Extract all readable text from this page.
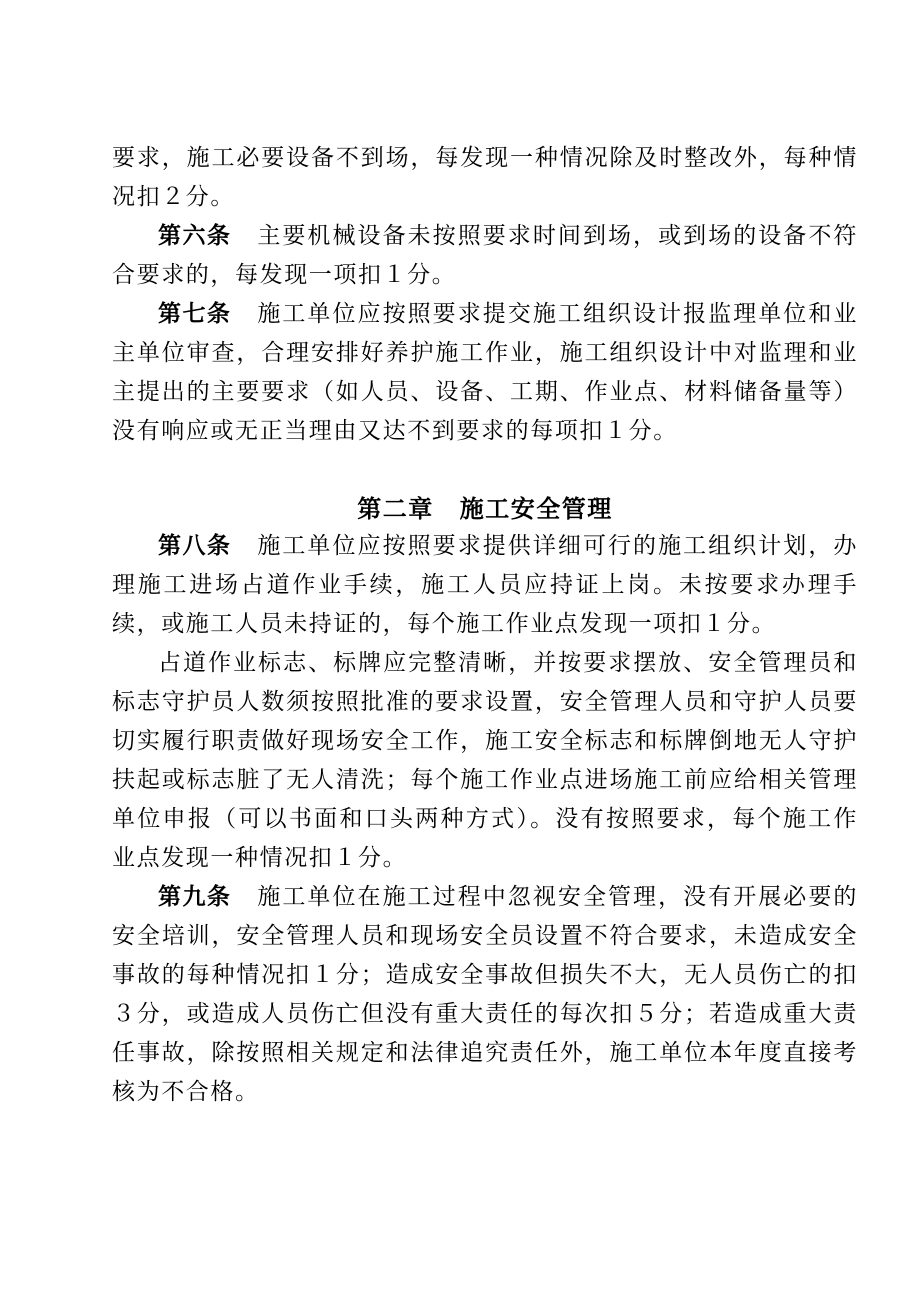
要求，施工必要设备不到场，每发现一种情况除及时整改外，每种情况扣２分。

第六条 主要机械设备未按照要求时间到场，或到场的设备不符合要求的，每发现一项扣１分。

第七条 施工单位应按照要求提交施工组织设计报监理单位和业主单位审查，合理安排好养护施工作业，施工组织设计中对监理和业主提出的主要要求（如人员、设备、工期、作业点、材料储备量等）没有响应或无正当理由又达不到要求的每项扣１分。

第二章 施工安全管理

第八条 施工单位应按照要求提供详细可行的施工组织计划，办理施工进场占道作业手续，施工人员应持证上岗。未按要求办理手续，或施工人员未持证的，每个施工作业点发现一项扣１分。

占道作业标志、标牌应完整清晰，并按要求摆放、安全管理员和标志守护员人数须按照批准的要求设置，安全管理人员和守护人员要切实履行职责做好现场安全工作，施工安全标志和标牌倒地无人守护扶起或标志脏了无人清洗；每个施工作业点进场施工前应给相关管理单位申报（可以书面和口头两种方式）。没有按照要求，每个施工作业点发现一种情况扣１分。

第九条 施工单位在施工过程中忽视安全管理，没有开展必要的安全培训，安全管理人员和现场安全员设置不符合要求，未造成安全事故的每种情况扣１分；造成安全事故但损失不大，无人员伤亡的扣３分，或造成人员伤亡但没有重大责任的每次扣５分；若造成重大责任事故，除按照相关规定和法律追究责任外，施工单位本年度直接考核为不合格。
